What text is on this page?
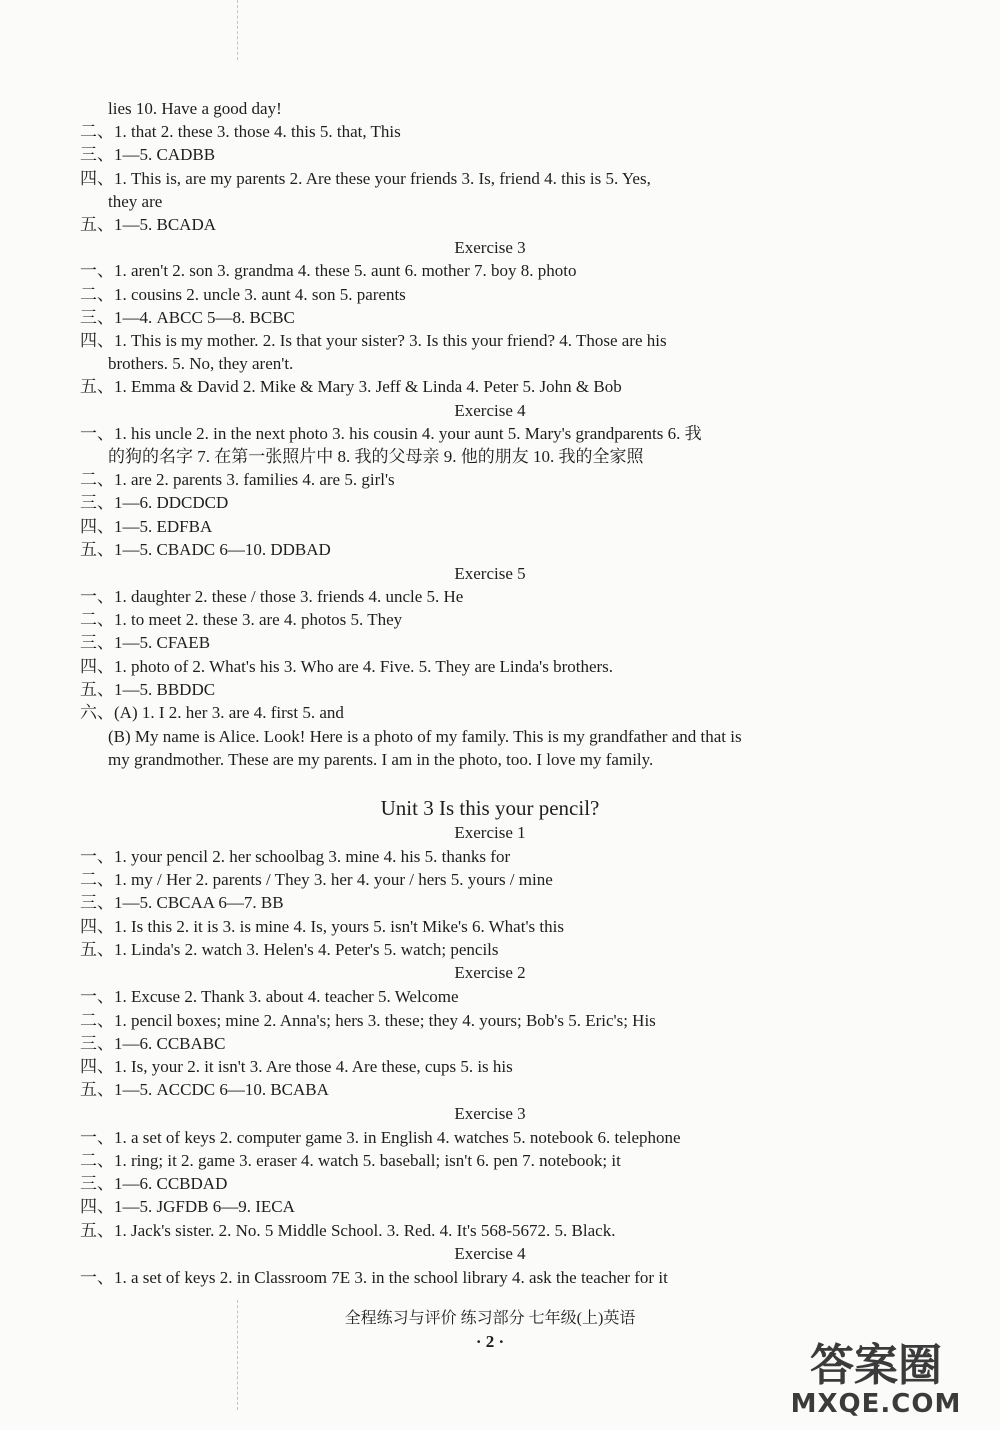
lies 10. Have a good day!
二、1. that 2. these 3. those 4. this 5. that, This
三、1—5. CADBB
四、1. This is, are my parents 2. Are these your friends 3. Is, friend 4. this is 5. Yes,
they are
五、1—5. BCADA
Exercise 3
一、1. aren't 2. son 3. grandma 4. these 5. aunt 6. mother 7. boy 8. photo
二、1. cousins 2. uncle 3. aunt 4. son 5. parents
三、1—4. ABCC 5—8. BCBC
四、1. This is my mother. 2. Is that your sister? 3. Is this your friend? 4. Those are his
brothers. 5. No, they aren't.
五、1. Emma & David 2. Mike & Mary 3. Jeff & Linda 4. Peter 5. John & Bob
Exercise 4
一、1. his uncle 2. in the next photo 3. his cousin 4. your aunt 5. Mary's grandparents 6. 我
的狗的名字 7. 在第一张照片中 8. 我的父母亲 9. 他的朋友 10. 我的全家照
二、1. are 2. parents 3. families 4. are 5. girl's
三、1—6. DDCDCD
四、1—5. EDFBA
五、1—5. CBADC 6—10. DDBAD
Exercise 5
一、1. daughter 2. these / those 3. friends 4. uncle 5. He
二、1. to meet 2. these 3. are 4. photos 5. They
三、1—5. CFAEB
四、1. photo of 2. What's his 3. Who are 4. Five. 5. They are Linda's brothers.
五、1—5. BBDDC
六、(A) 1. I 2. her 3. are 4. first 5. and
(B) My name is Alice. Look! Here is a photo of my family. This is my grandfather and that is
my grandmother. These are my parents. I am in the photo, too. I love my family.
Unit 3 Is this your pencil?
Exercise 1
一、1. your pencil 2. her schoolbag 3. mine 4. his 5. thanks for
二、1. my / Her 2. parents / They 3. her 4. your / hers 5. yours / mine
三、1—5. CBCAA 6—7. BB
四、1. Is this 2. it is 3. is mine 4. Is, yours 5. isn't Mike's 6. What's this
五、1. Linda's 2. watch 3. Helen's 4. Peter's 5. watch; pencils
Exercise 2
一、1. Excuse 2. Thank 3. about 4. teacher 5. Welcome
二、1. pencil boxes; mine 2. Anna's; hers 3. these; they 4. yours; Bob's 5. Eric's; His
三、1—6. CCBABC
四、1. Is, your 2. it isn't 3. Are those 4. Are these, cups 5. is his
五、1—5. ACCDC 6—10. BCABA
Exercise 3
一、1. a set of keys 2. computer game 3. in English 4. watches 5. notebook 6. telephone
二、1. ring; it 2. game 3. eraser 4. watch 5. baseball; isn't 6. pen 7. notebook; it
三、1—6. CCBDAD
四、1—5. JGFDB 6—9. IECA
五、1. Jack's sister. 2. No. 5 Middle School. 3. Red. 4. It's 568-5672. 5. Black.
Exercise 4
一、1. a set of keys 2. in Classroom 7E 3. in the school library 4. ask the teacher for it
全程练习与评价 练习部分 七年级(上)英语
· 2 ·	答案圈
MXQE.COM
